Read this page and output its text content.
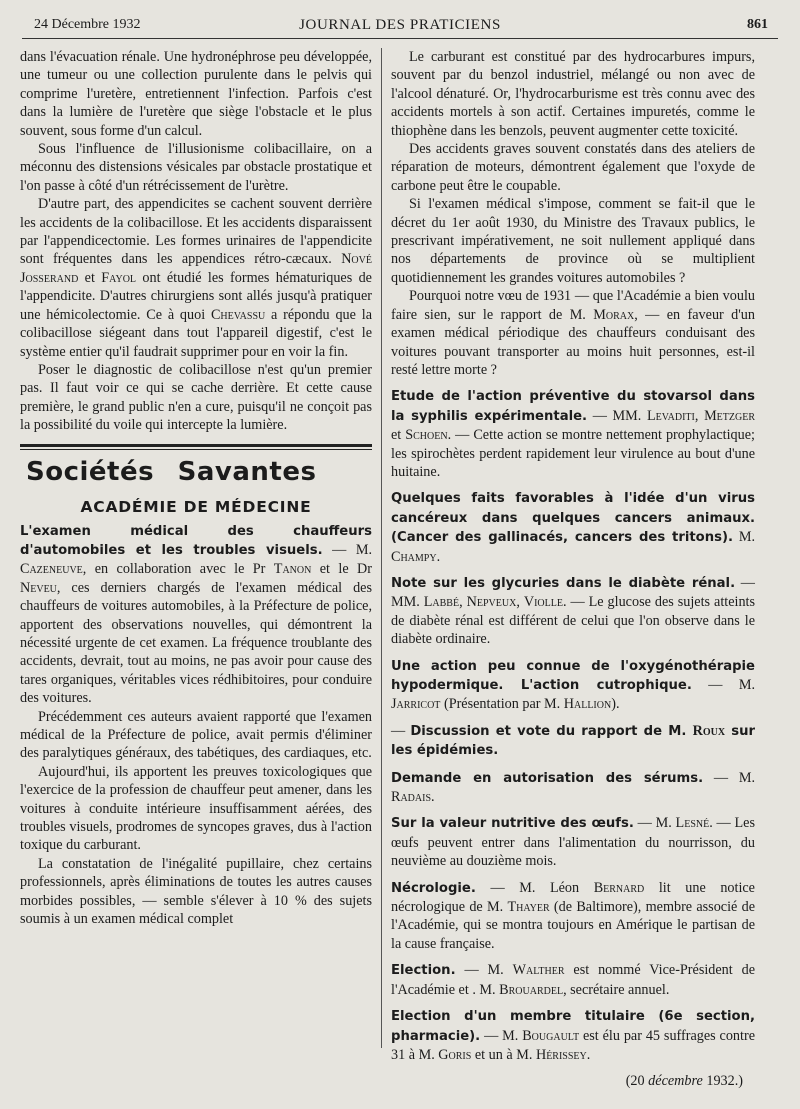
24 Décembre 1932	JOURNAL DES PRATICIENS	861

dans l'évacuation rénale. Une hydronéphrose peu développée, une tumeur ou une collection purulente dans le pelvis qui comprime l'uretère, entretiennent l'infection. Parfois c'est dans la lumière de l'uretère que siège l'obstacle et le plus souvent, sous forme d'un calcul.

Sous l'influence de l'illusionisme colibacillaire, on a méconnu des distensions vésicales par obstacle prostatique et l'on passe à côté d'un rétrécissement de l'urètre.

D'autre part, des appendicites se cachent souvent derrière les accidents de la colibacillose. Et les accidents disparaissent par l'appendicectomie. Les formes urinaires de l'appendicite sont fréquentes dans les appendices rétro-cæcaux. Nové Josserand et Fayol ont étudié les formes hématuriques de l'appendicite. D'autres chirurgiens sont allés jusqu'à pratiquer une hémicolectomie. Ce à quoi Chevassu a répondu que la colibacillose siégeant dans tout l'appareil digestif, c'est le système entier qu'il faudrait supprimer pour en voir la fin.

Poser le diagnostic de colibacillose n'est qu'un premier pas. Il faut voir ce qui se cache derrière. Et cette cause première, le grand public n'en a cure, puisqu'il ne conçoit pas la possibilité du voile qui intercepte la lumière.

Sociétés Savantes
ACADÉMIE DE MÉDECINE

L'examen médical des chauffeurs d'automobiles et les troubles visuels. — M. Cazeneuve, en collaboration avec le Pr Tanon et le Dr Neveu, ces derniers chargés de l'examen médical des chauffeurs de voitures automobiles, à la Préfecture de police, apportent des observations nouvelles, qui démontrent la nécessité urgente de cet examen. La fréquence troublante des accidents, devrait, tout au moins, ne pas avoir pour cause des tares organiques, véritables vices rédhibitoires, pour conduire des voitures.

Précédemment ces auteurs avaient rapporté que l'examen médical de la Préfecture de police, avait permis d'éliminer des paralytiques généraux, des tabétiques, des cardiaques, etc.

Aujourd'hui, ils apportent les preuves toxicologiques que l'exercice de la profession de chauffeur peut amener, dans les voitures à conduite intérieure insuffisamment aérées, des troubles visuels, prodromes de syncopes graves, dus à l'action toxique du carburant.

La constatation de l'inégalité pupillaire, chez certains professionnels, après éliminations de toutes les autres causes morbides possibles, — semble s'élever à 10 % des sujets soumis à un examen médical complet

Le carburant est constitué par des hydrocarbures impurs, souvent par du benzol industriel, mélangé ou non avec de l'alcool dénaturé. Or, l'hydrocarburisme est très connu avec des accidents mortels à son actif. Certaines impuretés, comme le thiophène dans les benzols, peuvent augmenter cette toxicité.

Des accidents graves souvent constatés dans des ateliers de réparation de moteurs, démontrent également que l'oxyde de carbone peut être le coupable.

Si l'examen médical s'impose, comment se fait-il que le décret du 1er août 1930, du Ministre des Travaux publics, le prescrivant impérativement, ne soit nullement appliqué dans nos départements de province où se multiplient quotidiennement les grandes voitures automobiles ?

Pourquoi notre vœu de 1931 — que l'Académie a bien voulu faire sien, sur le rapport de M. Morax, — en faveur d'un examen médical périodique des chauffeurs conduisant des voitures pouvant transporter au moins huit personnes, est-il resté lettre morte ?

Etude de l'action préventive du stovarsol dans la syphilis expérimentale. — MM. Levaditi, Metzger et Schoen. — Cette action se montre nettement prophylactique; les spirochètes perdent rapidement leur virulence au bout d'une huitaine.

Quelques faits favorables à l'idée d'un virus cancéreux dans quelques cancers animaux. (Cancer des gallinacés, cancers des tritons). M. Champy.

Note sur les glycuries dans le diabète rénal. — MM. Labbé, Nepveux, Violle. — Le glucose des sujets atteints de diabète rénal est différent de celui que l'on observe dans le diabète ordinaire.

Une action peu connue de l'oxygénothérapie hypodermique. L'action cutrophique. — M. Jarricot (Présentation par M. Hallion).

— Discussion et vote du rapport de M. Roux sur les épidémies.

Demande en autorisation des sérums. — M. Radais.

Sur la valeur nutritive des œufs. — M. Lesné. — Les œufs peuvent entrer dans l'alimentation du nourrisson, du neuvième au douzième mois.

Nécrologie. — M. Léon Bernard lit une notice nécrologique de M. Thayer (de Baltimore), membre associé de l'Académie, qui se montra toujours en Amérique le partisan de la cause française.

Election. — M. Walther est nommé Vice-Président de l'Académie et . M. Brouardel, secrétaire annuel.

Election d'un membre titulaire (6e section, pharmacie). — M. Bougault est élu par 45 suffrages contre 31 à M. Goris et un à M. Hérissey.

(20 décembre 1932.)
